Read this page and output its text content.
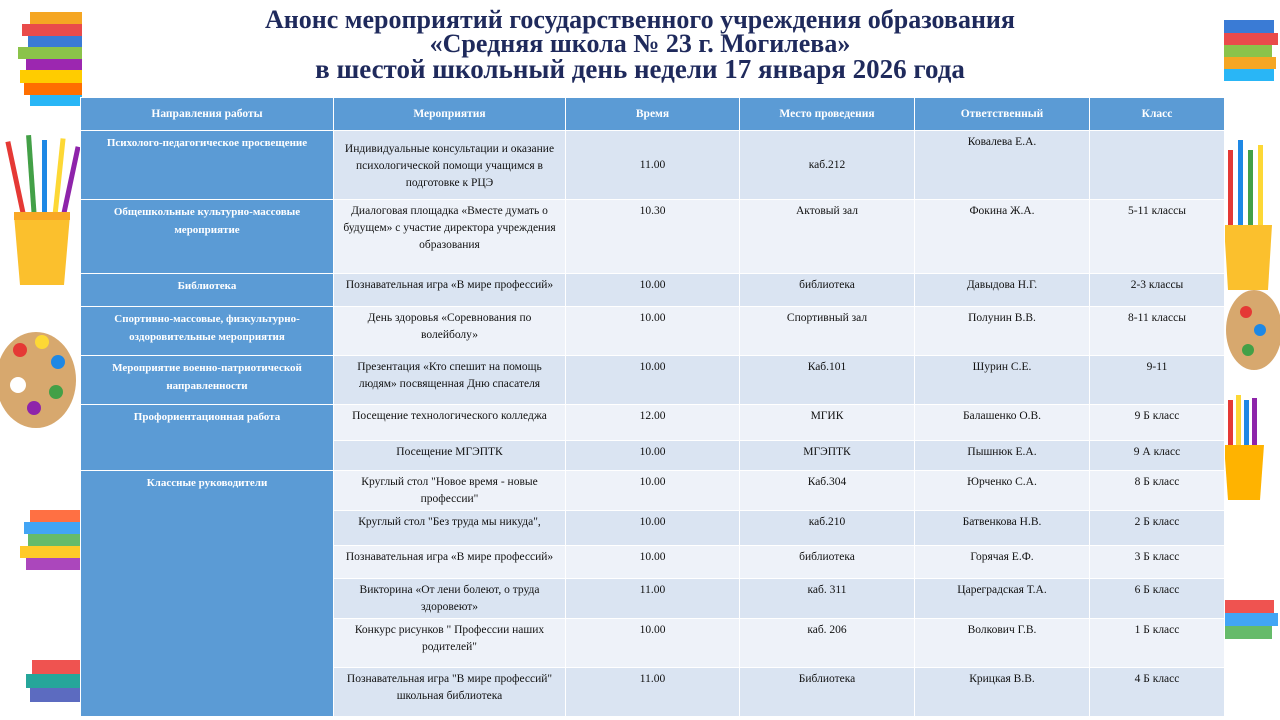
Анонс мероприятий государственного учреждения образования
«Средняя школа № 23 г. Могилева»
в шестой школьный день недели 17 января 2026 года
Направления работы	Мероприятия	Время	Место проведения	Ответственный	Класс
Психолого-педагогическое просвещение	Индивидуальные консультации и оказание психологической помощи учащимся в подготовке к РЦЭ	11.00	каб.212	Ковалева Е.А.	
Общешкольные культурно-массовые мероприятие	Диалоговая площадка «Вместе думать о будущем» с участие директора учреждения образования	10.30	Актовый зал	Фокина Ж.А.	5-11 классы
Библиотека	Познавательная игра «В мире профессий»	10.00	библиотека	Давыдова Н.Г.	2-3 классы
Спортивно-массовые, физкультурно-оздоровительные мероприятия	День здоровья «Соревнования по волейболу»	10.00	Спортивный зал	Полунин В.В.	8-11 классы
Мероприятие военно-патриотической направленности	Презентация «Кто спешит на помощь людям» посвященная Дню спасателя	10.00	Каб.101	Шурин С.Е.	9-11
Профориентационная работа	Посещение технологического колледжа	12.00	МГИК	Балашенко О.В.	9 Б класс
	Посещение МГЭПТК	10.00	МГЭПТК	Пышнюк Е.А.	9 А класс
Классные руководители	Круглый стол "Новое время - новые профессии"	10.00	Каб.304	Юрченко С.А.	8 Б класс
	Круглый стол "Без труда мы никуда",	10.00	каб.210	Батвенкова Н.В.	2 Б класс
	Познавательная игра «В мире профессий»	10.00	библиотека	Горячая Е.Ф.	3 Б класс
	Викторина «От лени болеют, о труда здоровеют»	11.00	каб. 311	Цареградская Т.А.	6 Б класс
	Конкурс рисунков " Профессии наших родителей"	10.00	каб. 206	Волкович Г.В.	1 Б класс
	Познавательная игра "В мире профессий" школьная библиотека	11.00	Библиотека	Крицкая В.В.	4 Б класс
